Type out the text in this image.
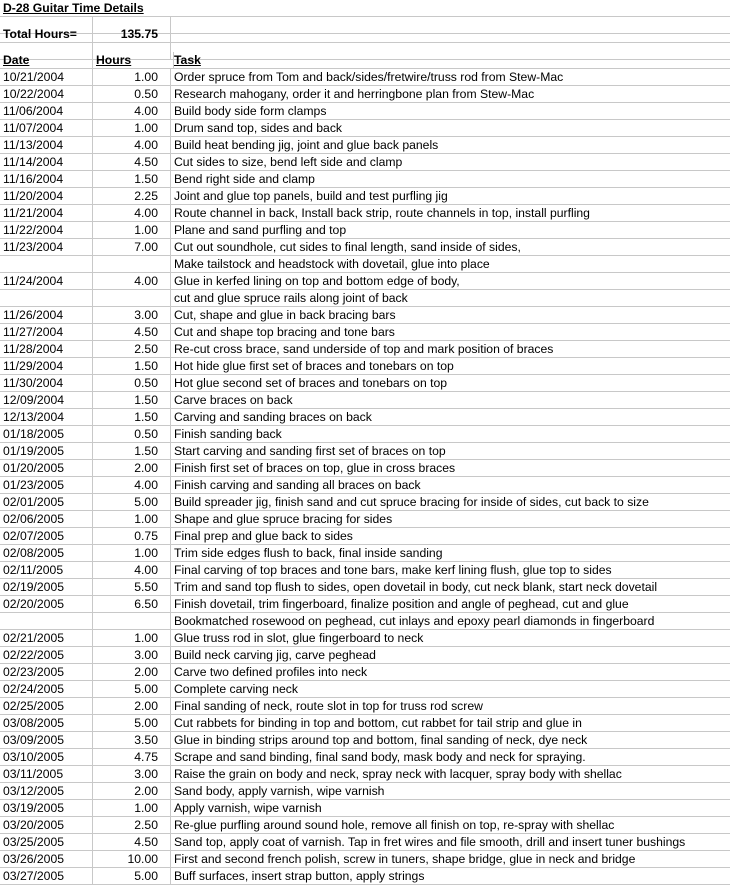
D-28 Guitar Time Details
Total Hours=	135.75
Date	Hours	Task
10/21/2004	1.00	Order spruce from Tom and back/sides/fretwire/truss rod from Stew-Mac
10/22/2004	0.50	Research mahogany, order it and herringbone plan from Stew-Mac
11/06/2004	4.00	Build body side form clamps
11/07/2004	1.00	Drum sand top, sides and back
11/13/2004	4.00	Build heat bending jig, joint and glue back panels
11/14/2004	4.50	Cut sides to size, bend left side and clamp
11/16/2004	1.50	Bend right side and clamp
11/20/2004	2.25	Joint and glue top panels, build and test purfling jig
11/21/2004	4.00	Route channel in back, Install back strip, route channels in top, install purfling
11/22/2004	1.00	Plane and sand purfling and top
11/23/2004	7.00	Cut out soundhole, cut sides to final length, sand inside of sides,
Make tailstock and headstock with dovetail, glue into place
11/24/2004	4.00	Glue in kerfed lining on top and bottom edge of body,
cut and glue spruce rails along joint of back
11/26/2004	3.00	Cut, shape and glue in back bracing bars
11/27/2004	4.50	Cut and shape top bracing and tone bars
11/28/2004	2.50	Re-cut cross brace, sand underside of top and mark position of braces
11/29/2004	1.50	Hot hide glue first set of braces and tonebars on top
11/30/2004	0.50	Hot glue second set of braces and tonebars on top
12/09/2004	1.50	Carve braces on back
12/13/2004	1.50	Carving and sanding braces on back
01/18/2005	0.50	Finish sanding back
01/19/2005	1.50	Start carving and sanding first set of braces on top
01/20/2005	2.00	Finish first set of braces on top, glue in cross braces
01/23/2005	4.00	Finish carving and sanding all braces on back
02/01/2005	5.00	Build spreader jig, finish sand and cut spruce bracing for inside of sides, cut back to size
02/06/2005	1.00	Shape and glue spruce bracing for sides
02/07/2005	0.75	Final prep and glue back to sides
02/08/2005	1.00	Trim side edges flush to back, final inside sanding
02/11/2005	4.00	Final carving of top braces and tone bars, make kerf lining flush, glue top to sides
02/19/2005	5.50	Trim and sand top flush to sides, open dovetail in body, cut neck blank, start neck dovetail
02/20/2005	6.50	Finish dovetail, trim fingerboard, finalize position and angle of peghead, cut and glue
Bookmatched rosewood on peghead, cut inlays and epoxy pearl diamonds in fingerboard
02/21/2005	1.00	Glue truss rod in slot, glue fingerboard to neck
02/22/2005	3.00	Build neck carving jig, carve peghead
02/23/2005	2.00	Carve two defined profiles into neck
02/24/2005	5.00	Complete carving neck
02/25/2005	2.00	Final sanding of neck, route slot in top for truss rod screw
03/08/2005	5.00	Cut rabbets for binding in top and bottom, cut rabbet for tail strip and glue in
03/09/2005	3.50	Glue in binding strips around top and bottom, final sanding of neck, dye neck
03/10/2005	4.75	Scrape and sand binding, final sand body, mask body and neck for spraying.
03/11/2005	3.00	Raise the grain on body and neck, spray neck with lacquer, spray body with shellac
03/12/2005	2.00	Sand body, apply varnish, wipe varnish
03/19/2005	1.00	Apply varnish, wipe varnish
03/20/2005	2.50	Re-glue purfling around sound hole, remove all finish on top, re-spray with shellac
03/25/2005	4.50	Sand top, apply coat of varnish. Tap in fret wires and file smooth, drill and insert tuner bushings
03/26/2005	10.00	First and second french polish, screw in tuners, shape bridge, glue in neck and bridge
03/27/2005	5.00	Buff surfaces, insert strap button, apply strings
